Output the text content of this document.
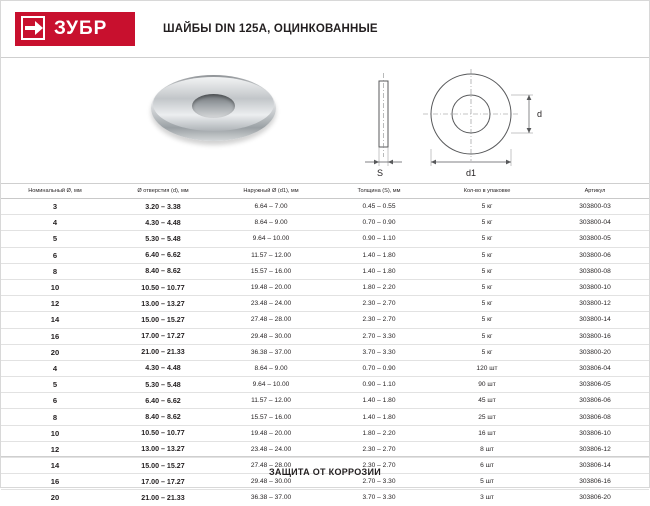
ЗУБР	ШАЙБЫ DIN 125А, ОЦИНКОВАННЫЕ
d
S	d1
Номинальный Ø, мм	Ø отверстия (d), мм	Наружный Ø (d1), мм	Толщина (S), мм	Кол-во в упаковке	Артикул
3	3.20 – 3.38	6.64 – 7.00	0.45 – 0.55	5 кг	303800-03
4	4.30 – 4.48	8.64 – 9.00	0.70 – 0.90	5 кг	303800-04
5	5.30 – 5.48	9.64 – 10.00	0.90 – 1.10	5 кг	303800-05
6	6.40 – 6.62	11.57 – 12.00	1.40 – 1.80	5 кг	303800-06
8	8.40 – 8.62	15.57 – 16.00	1.40 – 1.80	5 кг	303800-08
10	10.50 – 10.77	19.48 – 20.00	1.80 – 2.20	5 кг	303800-10
12	13.00 – 13.27	23.48 – 24.00	2.30 – 2.70	5 кг	303800-12
14	15.00 – 15.27	27.48 – 28.00	2.30 – 2.70	5 кг	303800-14
16	17.00 – 17.27	29.48 – 30.00	2.70 – 3.30	5 кг	303800-16
20	21.00 – 21.33	36.38 – 37.00	3.70 – 3.30	5 кг	303800-20
4	4.30 – 4.48	8.64 – 9.00	0.70 – 0.90	120 шт	303806-04
5	5.30 – 5.48	9.64 – 10.00	0.90 – 1.10	90 шт	303806-05
6	6.40 – 6.62	11.57 – 12.00	1.40 – 1.80	45 шт	303806-06
8	8.40 – 8.62	15.57 – 16.00	1.40 – 1.80	25 шт	303806-08
10	10.50 – 10.77	19.48 – 20.00	1.80 – 2.20	16 шт	303806-10
12	13.00 – 13.27	23.48 – 24.00	2.30 – 2.70	8 шт	303806-12
14	15.00 – 15.27	27.48 – 28.00	2.30 – 2.70	6 шт	303806-14
16	17.00 – 17.27	29.48 – 30.00	2.70 – 3.30	5 шт	303806-16
20	21.00 – 21.33	36.38 – 37.00	3.70 – 3.30	3 шт	303806-20
ЗАЩИТА ОТ КОРРОЗИИ
